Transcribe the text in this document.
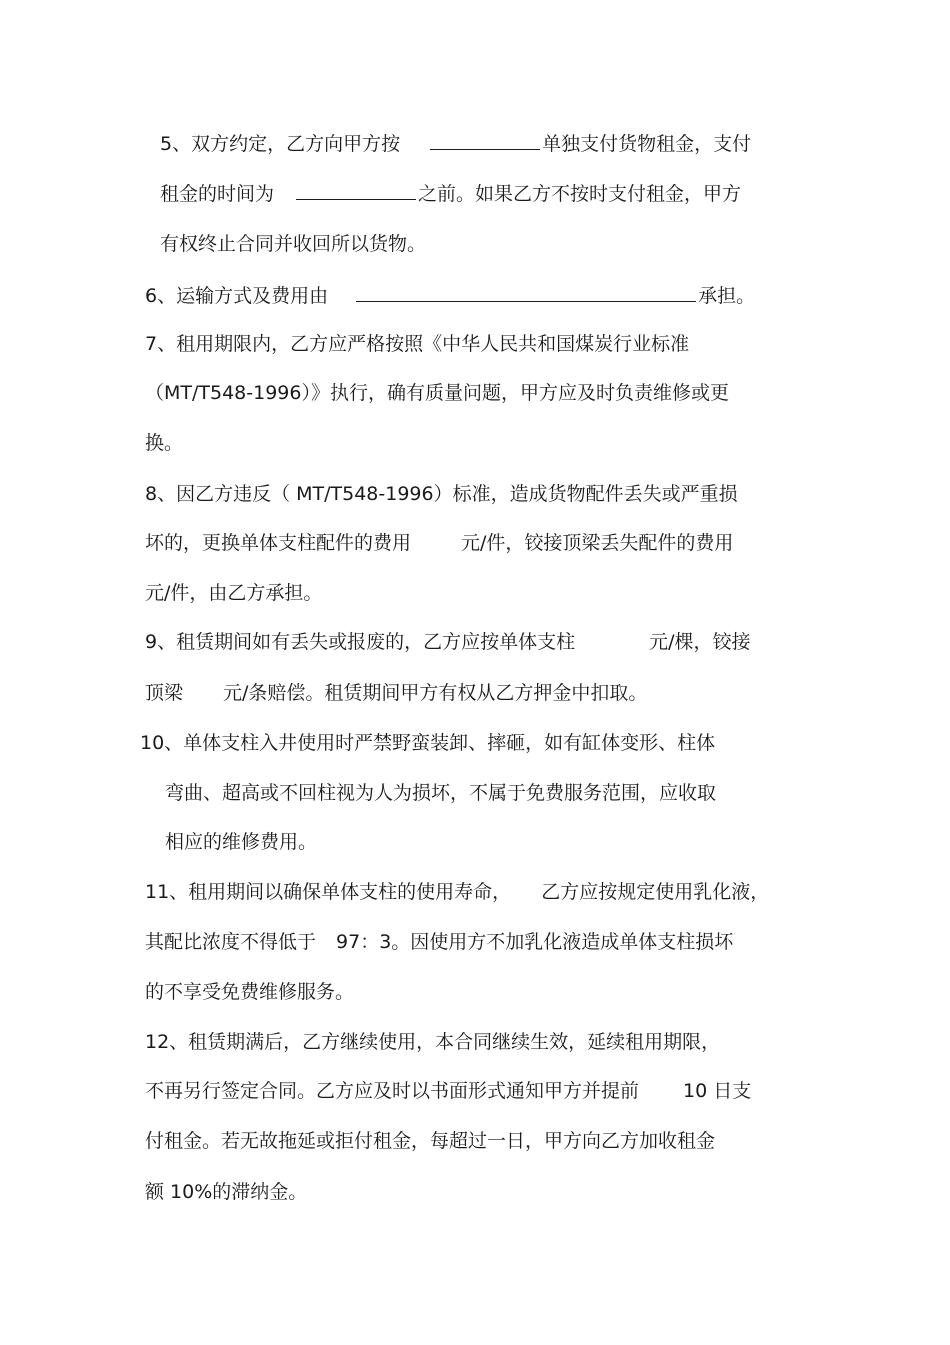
5、双方约定，乙方向甲方按	单独支付货物租金，支付
租金的时间为	之前。如果乙方不按时支付租金，甲方
有权终止合同并收回所以货物。
6、运输方式及费用由	承担。
7、租用期限内，乙方应严格按照《中华人民共和国煤炭行业标准
（MT/T548-1996）》执行，确有质量问题，甲方应及时负责维修或更
换。
8、因乙方违反（ MT/T548-1996）标准，造成货物配件丢失或严重损
坏的，更换单体支柱配件的费用	元/件，铰接顶梁丢失配件的费用
元/件，由乙方承担。
9、租赁期间如有丢失或报废的，乙方应按单体支柱	元/棵，铰接
顶梁 元/条赔偿。租赁期间甲方有权从乙方押金中扣取。
10、单体支柱入井使用时严禁野蛮装卸、摔砸，如有缸体变形、柱体
弯曲、超高或不回柱视为人为损坏，不属于免费服务范围，应收取
相应的维修费用。
11、租用期间以确保单体支柱的使用寿命， 乙方应按规定使用乳化液，
其配比浓度不得低于 97：3。因使用方不加乳化液造成单体支柱损坏
的不享受免费维修服务。
12、租赁期满后，乙方继续使用，本合同继续生效，延续租用期限，
不再另行签定合同。乙方应及时以书面形式通知甲方并提前 10 日支
付租金。若无故拖延或拒付租金，每超过一日，甲方向乙方加收租金
额 10%的滞纳金。
